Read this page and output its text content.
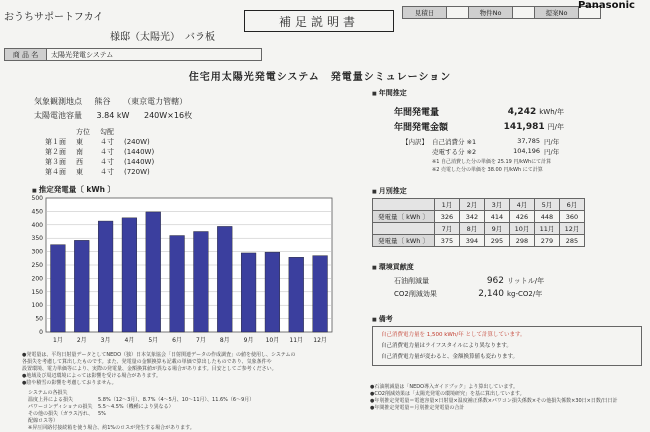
おうちサポートフカイ
様邸（太陽光）　バラ板
商 品 名	太陽光発電システム
補足説明書
見積日		物件No		提案No	
Panasonic
住宅用太陽光発電システム　発電量シミュレーション
気象観測地点 熊谷 （東京電力管轄）
太陽電池容量 3.84 kW 240W×16枚
	方位	勾配	
第１面	東	４寸	(240W)
第２面	南	４寸	(1440W)
第３面	西	４寸	(1440W)
第４面	東	４寸	(720W)
■ 推定発電量〔 kWh 〕
0
50
100
150
200
250
300
350
400
450
500
1月 2月 3月 4月 5月 6月 7月 8月 9月 10月 11月 12月
■ 年間推定
年間発電量	4,242 kWh/年
年間発電金額	141,981 円/年
【内訳】 自己消費分 ※1	37,785 円/年
売電する分 ※2	104,196 円/年
※1 自己消費した分の単価を 25.19 円/kWhにて計算
※2 売電した分の単価を 38.00 円/kWh にて計算
■ 月別推定
	1月	2月	3月	4月	5月	6月
発電量〔 kWh 〕	326	342	414	426	448	360
	7月	8月	9月	10月	11月	12月
発電量〔 kWh 〕	375	394	295	298	279	285
■ 環境貢献度
石油削減量	962 リットル/年
CO2削減効果	2,140 kg-CO2/年
■ 備考
自己消費電力量を 1,500 kWh/年 として計算しています。
自己消費電力量はライフスタイルにより異なります。
自己消費電力量が変わると、金額換算値も変わります。
●発電量は、平均日射量データとしてNEDO（独）日本気象協会「日射関連データの作成調査」の値を使用し、システムの
各損失を考慮して算出したものです。また、発電量の金額換算も記載の単価で算出したものであり、気象条件や
設置環境、電力単価等により、実際の発電量、金額換算値が異なる場合があります。目安としてご参考ください。
●地域及び周辺環境によっては影響を受ける場合があります。
●陰や積雪の影響を考慮しておりません。
システムの各損失
温度上昇による損失	5.8%（12〜3月）、8.7%（4〜5月、10〜11月）、11.6%（6〜9月）
パワーコンディショナの損失	5.5〜4.5%（機種により異なる）
その他の損失（ガラス汚れ、配線ロス等）
5%
※昇圧回路付接続箱を使う場合、約1%のロスが発生する場合があります。
●石油削減量は「NEDO導入ガイドブック」より算出しています。
●CO2削減効果は「太陽光発電の環境研究」を基に算出しています。
●年別推定発電量＝電池容量×日射量×温度補正係数×パワコン損失係数×その他損失係数×30日×日数/日日計
●年間推定発電量＝月別推定発電量の合計
